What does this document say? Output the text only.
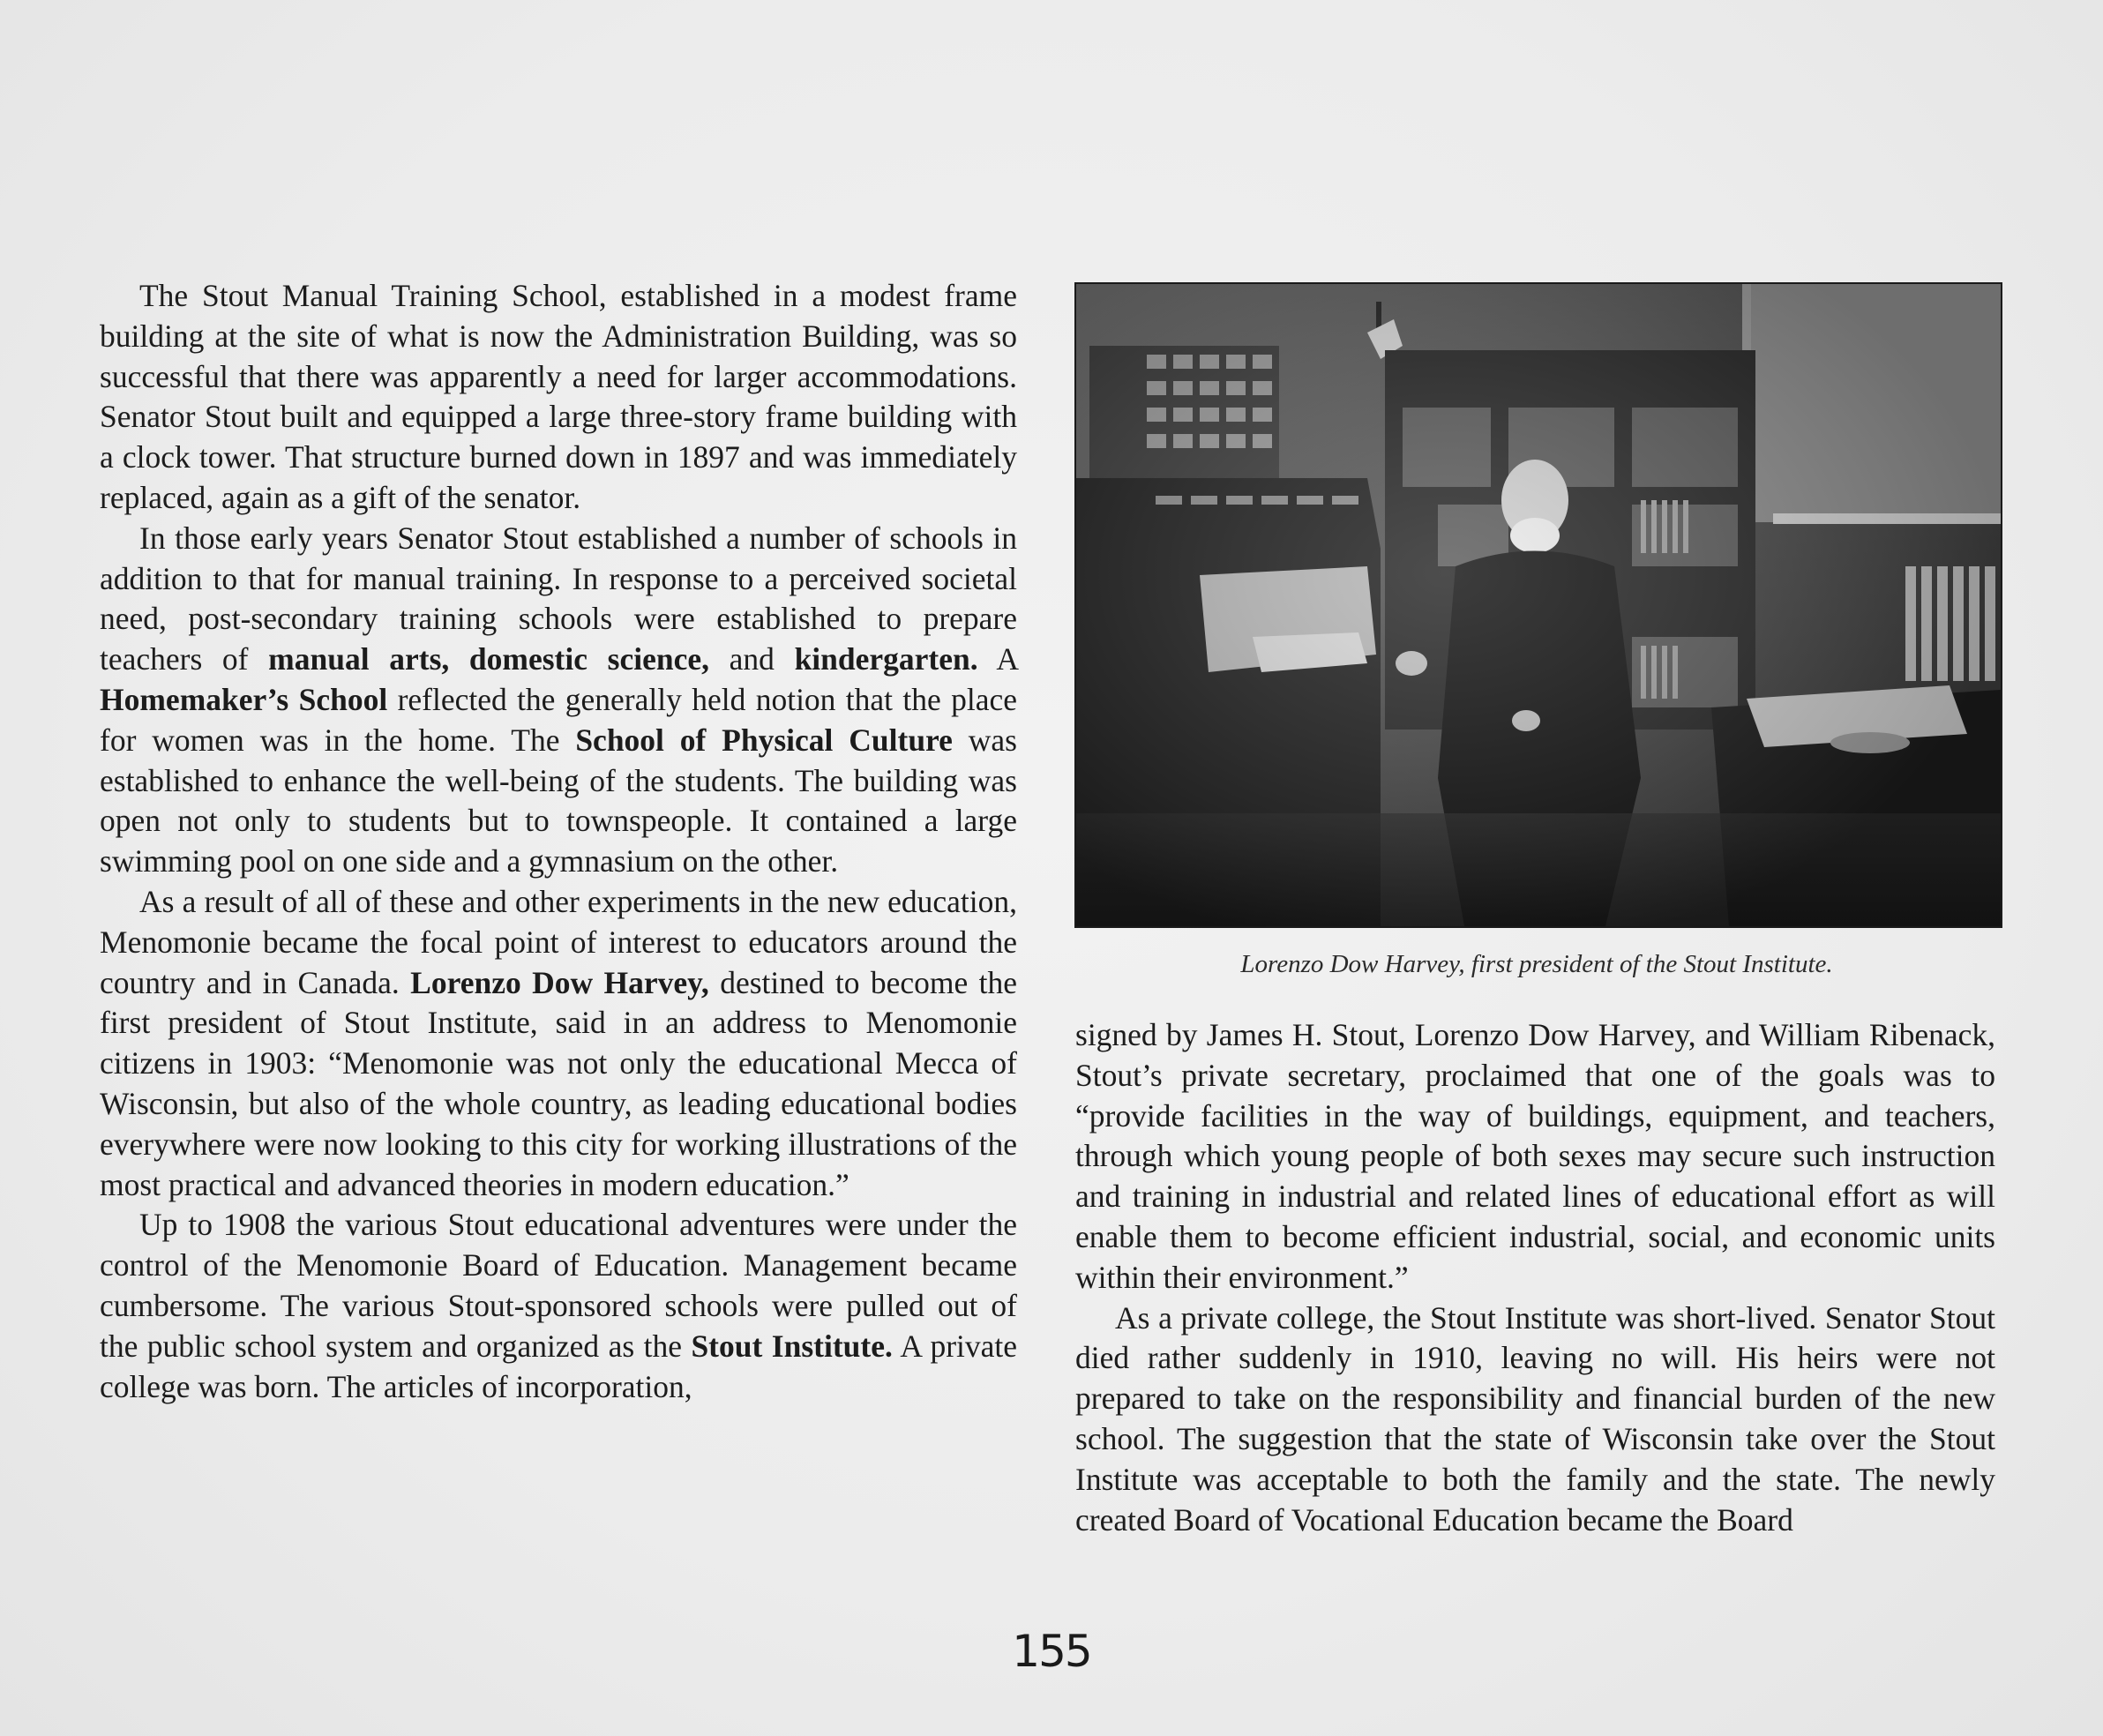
The Stout Manual Training School, established in a modest frame building at the site of what is now the Administration Building, was so successful that there was apparently a need for larger accommodations. Senator Stout built and equipped a large three-story frame building with a clock tower. That structure burned down in 1897 and was immediately replaced, again as a gift of the senator.

In those early years Senator Stout established a number of schools in addition to that for manual training. In response to a perceived societal need, post-secondary training schools were established to prepare teachers of manual arts, domestic science, and kindergarten. A Homemaker’s School reflected the generally held notion that the place for women was in the home. The School of Physical Culture was established to enhance the well-being of the students. The building was open not only to students but to townspeople. It contained a large swimming pool on one side and a gymnasium on the other.

As a result of all of these and other experiments in the new education, Menomonie became the focal point of interest to educators around the country and in Canada. Lorenzo Dow Harvey, destined to become the first president of Stout Institute, said in an address to Menomonie citizens in 1903: “Menomonie was not only the educational Mecca of Wisconsin, but also of the whole country, as leading educational bodies everywhere were now looking to this city for working illustrations of the most practical and advanced theories in modern education.”

Up to 1908 the various Stout educational adventures were under the control of the Menomonie Board of Education. Management became cumbersome. The various Stout-sponsored schools were pulled out of the public school system and organized as the Stout Institute. A private college was born. The articles of incorporation,

Lorenzo Dow Harvey, first president of the Stout Institute.

signed by James H. Stout, Lorenzo Dow Harvey, and William Ribenack, Stout’s private secretary, proclaimed that one of the goals was to “provide facilities in the way of buildings, equipment, and teachers, through which young people of both sexes may secure such instruction and training in industrial and related lines of educational effort as will enable them to become efficient industrial, social, and economic units within their environment.”

As a private college, the Stout Institute was short-lived. Senator Stout died rather suddenly in 1910, leaving no will. His heirs were not prepared to take on the responsibility and financial burden of the new school. The suggestion that the state of Wisconsin take over the Stout Institute was acceptable to both the family and the state. The newly created Board of Vocational Education became the Board

155
